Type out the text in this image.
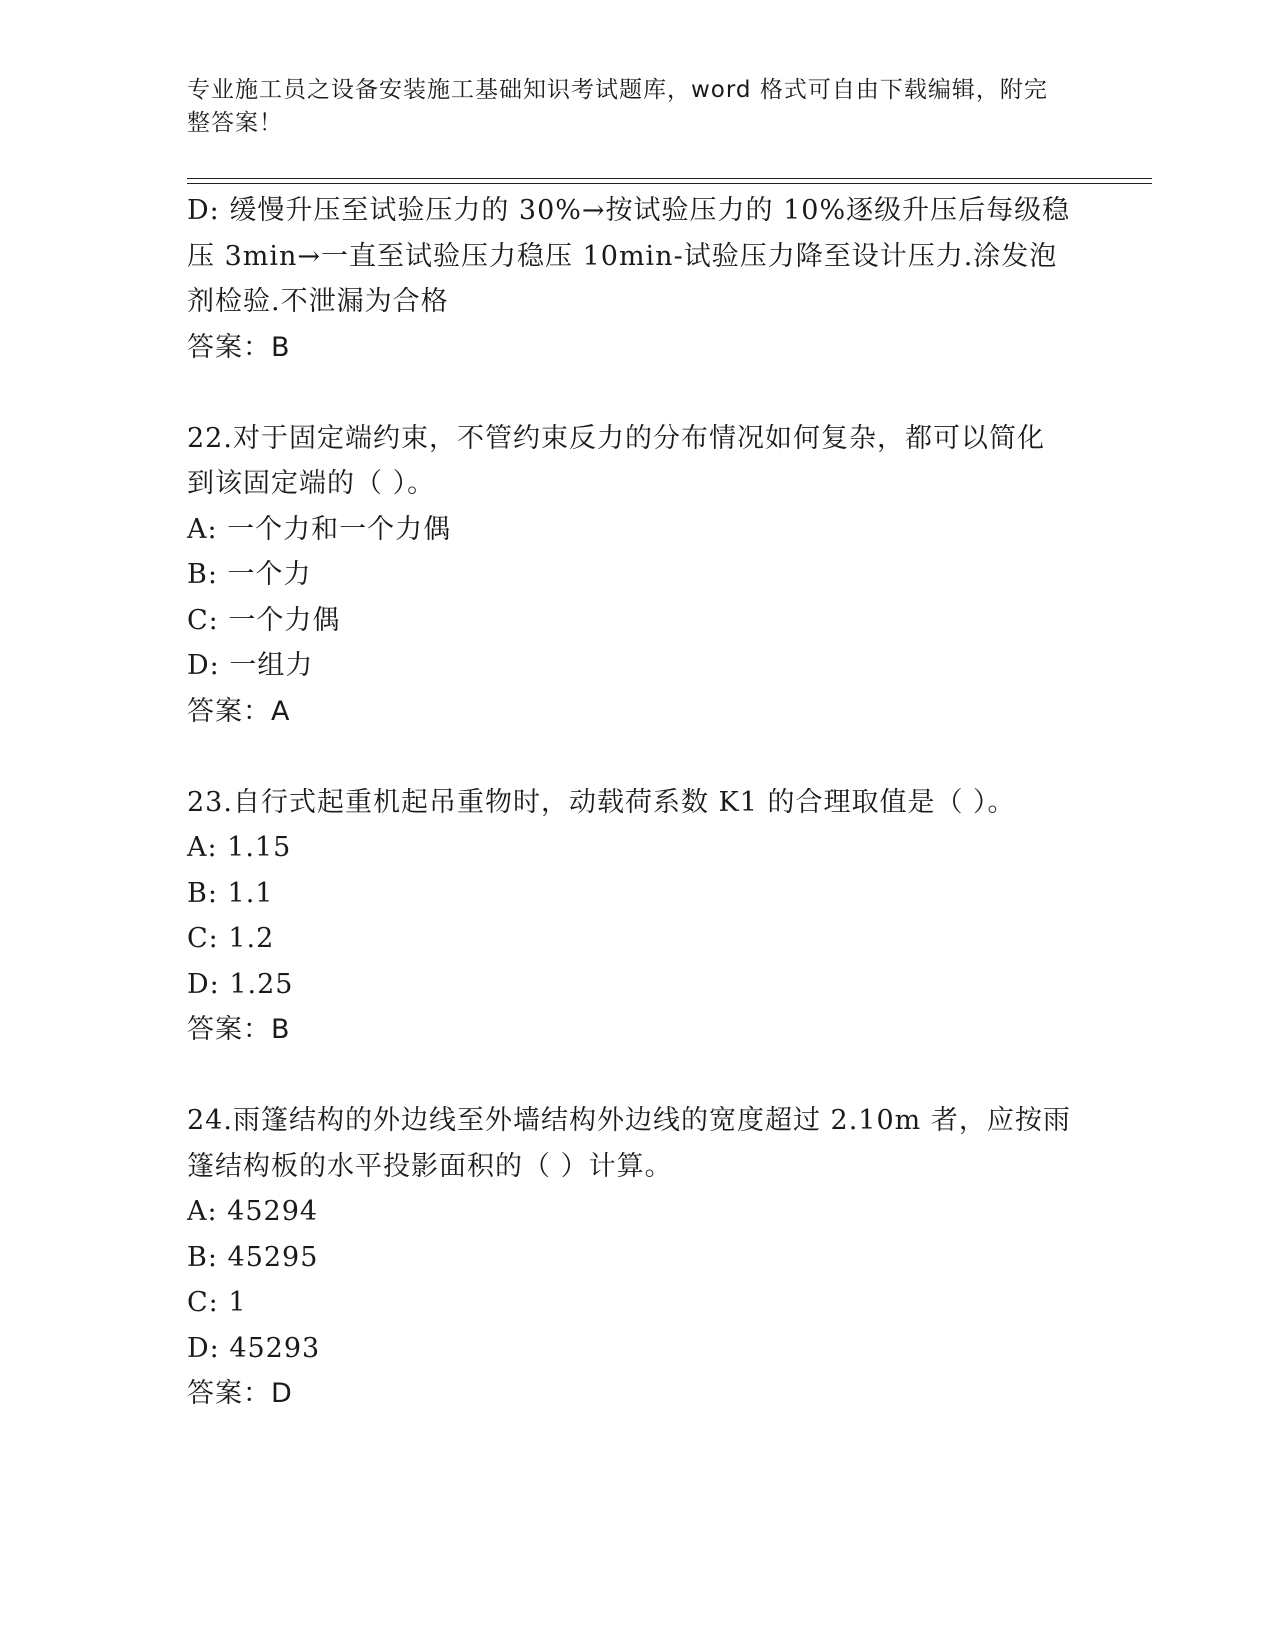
专业施工员之设备安装施工基础知识考试题库，word 格式可自由下载编辑，附完
整答案！
D: 缓慢升压至试验压力的 30%→按试验压力的 10%逐级升压后每级稳
压 3min→一直至试验压力稳压 10min-试验压力降至设计压力.涂发泡
剂检验.不泄漏为合格
答案：B
22.对于固定端约束，不管约束反力的分布情况如何复杂，都可以简化
到该固定端的（ ）。
A: 一个力和一个力偶
B: 一个力
C: 一个力偶
D: 一组力
答案：A
23.自行式起重机起吊重物时，动载荷系数 K1 的合理取值是（ ）。
A: 1.15
B: 1.1
C: 1.2
D: 1.25
答案：B
24.雨篷结构的外边线至外墙结构外边线的宽度超过 2.10m 者，应按雨
篷结构板的水平投影面积的（ ）计算。
A: 45294
B: 45295
C: 1
D: 45293
答案：D
